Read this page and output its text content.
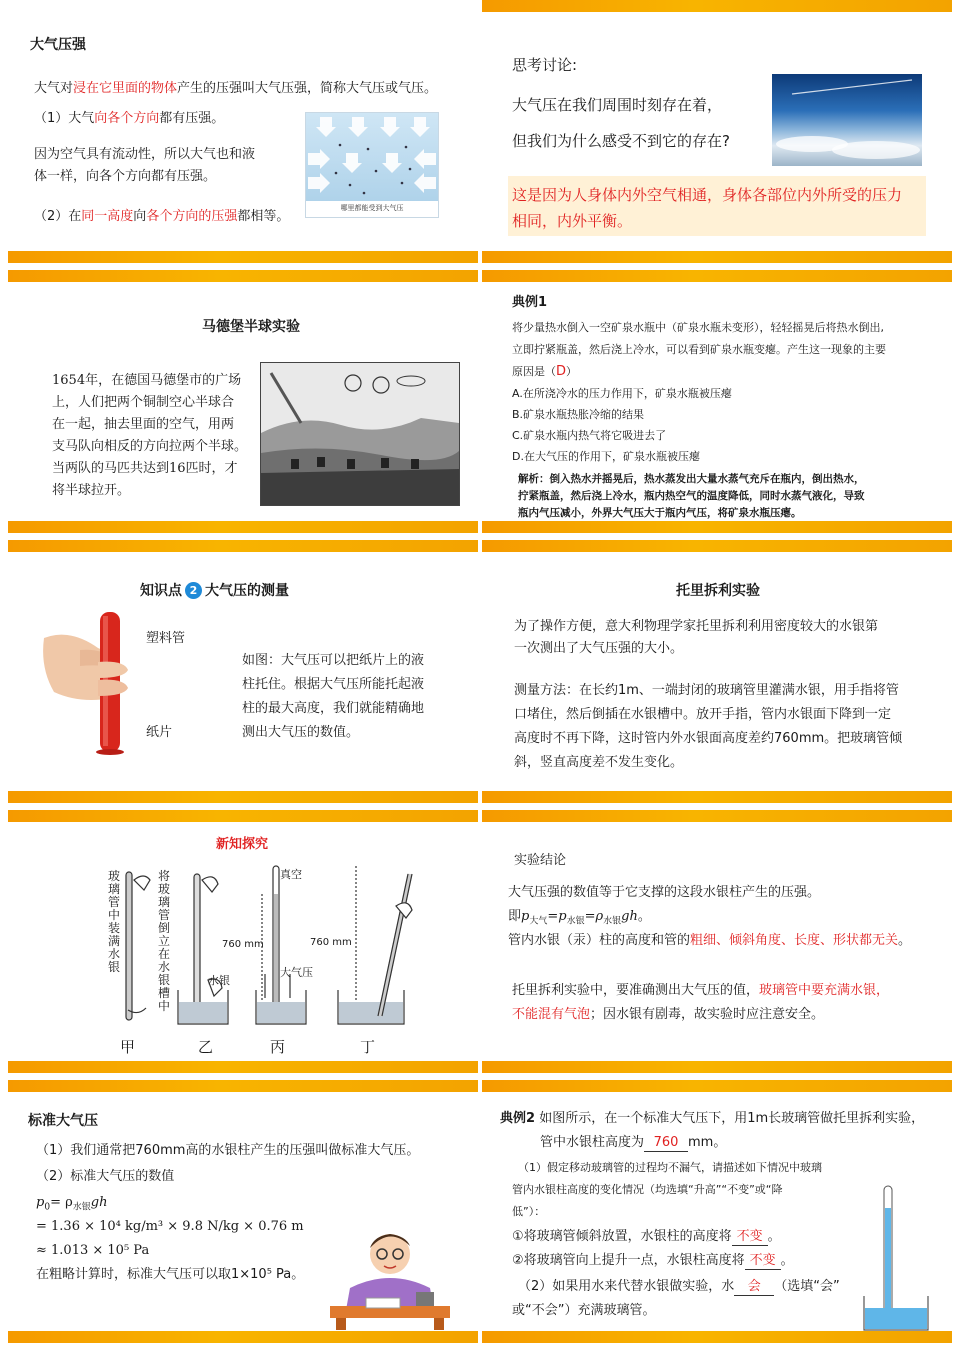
大气压强
大气对浸在它里面的物体产生的压强叫大气压强，简称大气压或气压。
（1）大气向各个方向都有压强。
因为空气具有流动性，所以大气也和液
体一样，向各个方向都有压强。
（2）在同一高度向各个方向的压强都相等。
哪里都能受到大气压
思考讨论:
大气压在我们周围时刻存在着，
但我们为什么感受不到它的存在?
这是因为人身体内外空气相通，身体各部位内外所受的压力
相同，内外平衡。
马德堡半球实验
1654年，在德国马德堡市的广场
上，人们把两个铜制空心半球合
在一起，抽去里面的空气，用两
支马队向相反的方向拉两个半球。
当两队的马匹共达到16匹时，才
将半球拉开。
典例1
将少量热水倒入一空矿泉水瓶中（矿泉水瓶未变形），轻轻摇晃后将热水倒出,
立即拧紧瓶盖，然后浇上冷水，可以看到矿泉水瓶变瘪。产生这一现象的主要
原因是（D）
A.在所浇冷水的压力作用下，矿泉水瓶被压瘪
B.矿泉水瓶热胀冷缩的结果
C.矿泉水瓶内热气将它吸进去了
D.在大气压的作用下，矿泉水瓶被压瘪
解析：倒入热水并摇晃后，热水蒸发出大量水蒸气充斥在瓶内，倒出热水，
拧紧瓶盖，然后浇上冷水，瓶内热空气的温度降低，同时水蒸气液化，导致
瓶内气压减小，外界大气压大于瓶内气压，将矿泉水瓶压瘪。
知识点 2 大气压的测量
塑料管
纸片
如图：大气压可以把纸片上的液
柱托住。根据大气压所能托起液
柱的最大高度，我们就能精确地
测出大气压的数值。
托里拆利实验
为了操作方便，意大利物理学家托里拆利利用密度较大的水银第
一次测出了大气压强的大小。
测量方法：在长约1m、一端封闭的玻璃管里灌满水银，用手指将管
口堵住，然后倒插在水银槽中。放开手指，管内水银面下降到一定
高度时不再下降，这时管内外水银面高度差约760mm。把玻璃管倾
斜，竖直高度差不发生变化。
新知探究
玻璃管中装满水银
将玻璃管倒立在水银槽中
水银
真空
大气压
760 mm	760 mm
甲	乙	丙	丁
实验结论
大气压强的数值等于它支撑的这段水银柱产生的压强。
即$p_{大气}=p_{水银}=\rho_{水银}gh$。
管内水银（汞）柱的高度和管的粗细、倾斜角度、长度、形状都无关。
托里拆利实验中，要准确测出大气压的值，玻璃管中要充满水银，
不能混有气泡；因水银有剧毒，故实验时应注意安全。
标准大气压
（1）我们通常把760mm高的水银柱产生的压强叫做标准大气压。
（2）标准大气压的数值
$p_0= \rho_{水银}gh$
= 1.36 × 10⁴ kg/m³ × 9.8 N/kg × 0.76 m
≈ 1.013 × 10⁵ Pa
在粗略计算时，标准大气压可以取1×10⁵ Pa。
典例2 如图所示，在一个标准大气压下，用1m长玻璃管做托里拆利实验，
管中水银柱高度为 760 mm。
（1）假定移动玻璃管的过程均不漏气，请描述如下情况中玻璃
管内水银柱高度的变化情况（均选填“升高”“不变”或“降
低”）：
①将玻璃管倾斜放置，水银柱的高度将 不变 。
②将玻璃管向上提升一点，水银柱高度将 不变 。
（2）如果用水来代替水银做实验，水 会 （选填“会”
或“不会”）充满玻璃管。
